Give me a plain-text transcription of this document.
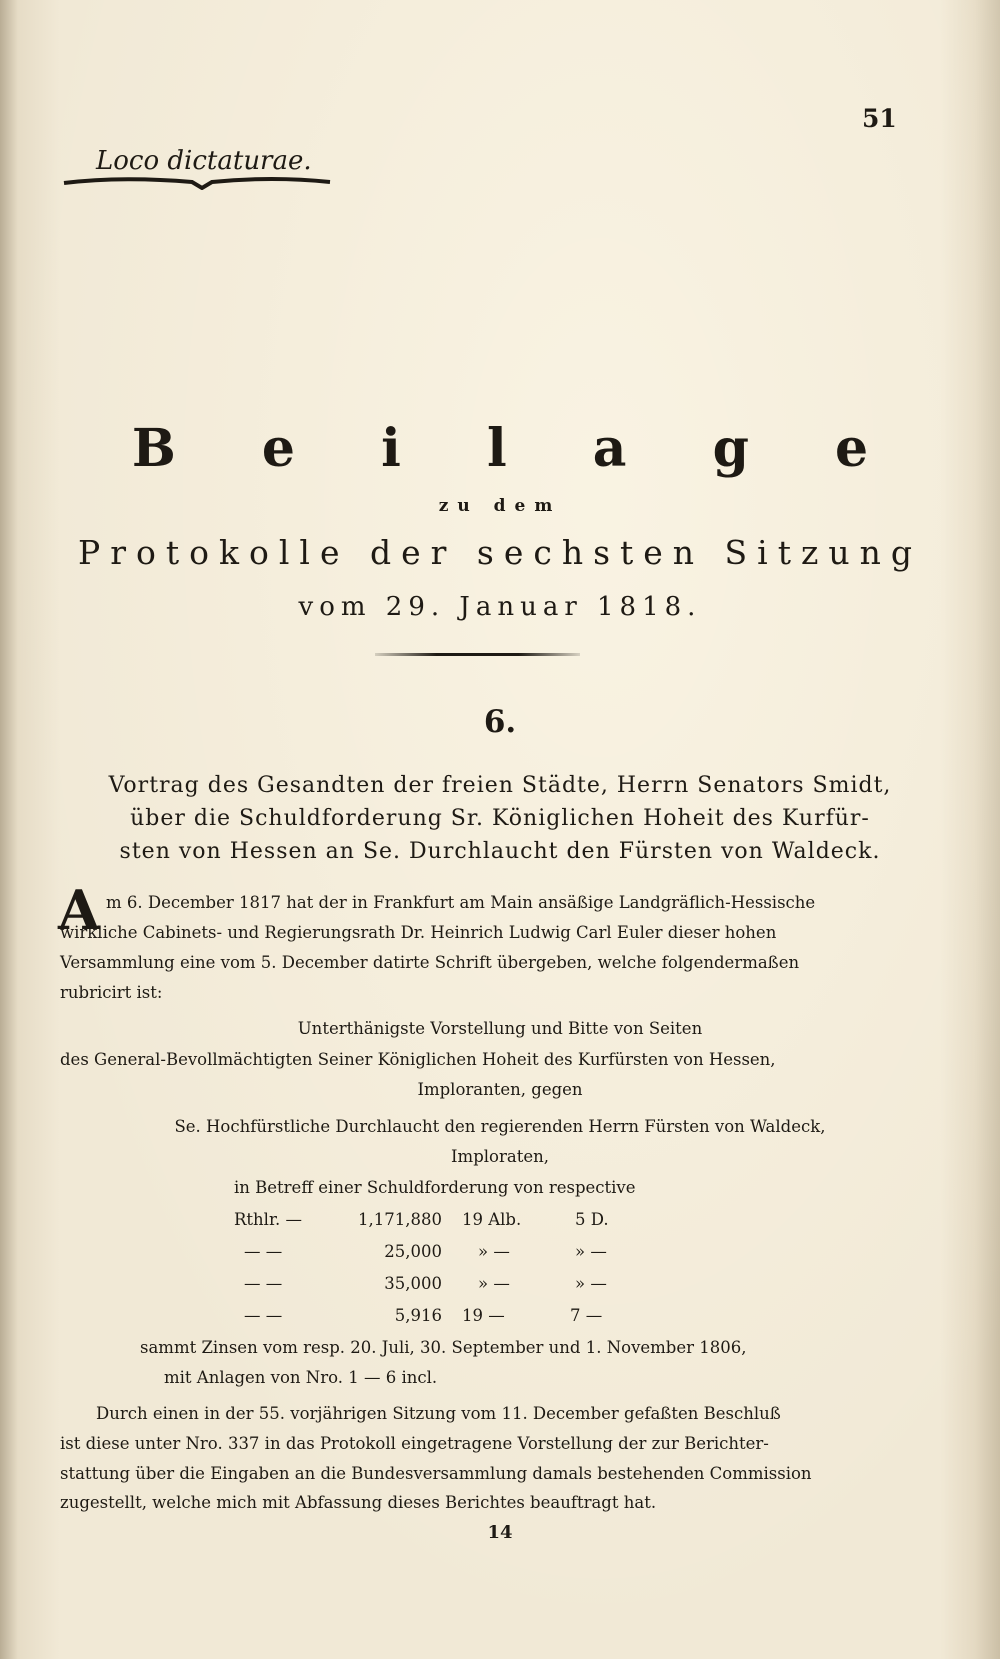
51
Loco dictaturae.
B e i l a g e
zu dem
Protokolle der sechsten Sitzung
vom 29. Januar 1818.
6.
Vortrag des Gesandten der freien Städte, Herrn Senators Smidt,
über die Schuldforderung Sr. Königlichen Hoheit des Kurfür-
sten von Hessen an Se. Durchlaucht den Fürsten von Waldeck.
A m 6. December 1817 hat der in Frankfurt am Main ansäßige Landgräflich-Hessische
wirkliche Cabinets- und Regierungsrath Dr. Heinrich Ludwig Carl Euler dieser hohen
Versammlung eine vom 5. December datirte Schrift übergeben, welche folgendermaßen
rubricirt ist:
Unterthänigste Vorstellung und Bitte von Seiten
des General-Bevollmächtigten Seiner Königlichen Hoheit des Kurfürsten von Hessen,
Imploranten, gegen
Se. Hochfürstliche Durchlaucht den regierenden Herrn Fürsten von Waldeck,
Imploraten,
in Betreff einer Schuldforderung von respective
Rthlr. —	1,171,880 19 Alb.	5 D.
— —	25,000 » —	» —
— —	35,000 » —	» —
— —	5,916 19 —	7 —
sammt Zinsen vom resp. 20. Juli, 30. September und 1. November 1806,
mit Anlagen von Nro. 1 — 6 incl.
Durch einen in der 55. vorjährigen Sitzung vom 11. December gefaßten Beschluß
ist diese unter Nro. 337 in das Protokoll eingetragene Vorstellung der zur Berichter-
stattung über die Eingaben an die Bundesversammlung damals bestehenden Commission
zugestellt, welche mich mit Abfassung dieses Berichtes beauftragt hat.
14
